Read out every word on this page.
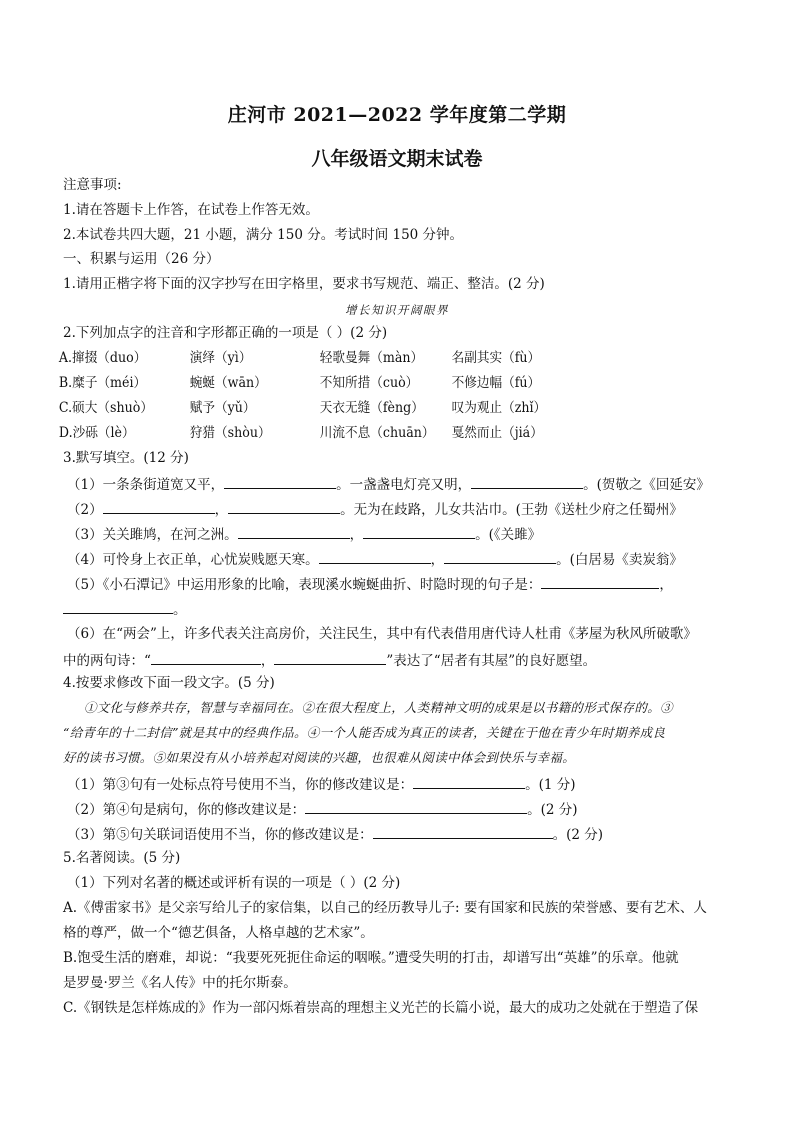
庄河市 2021—2022 学年度第二学期
八年级语文期末试卷
注意事项:
1.请在答题卡上作答，在试卷上作答无效。
2.本试卷共四大题，21 小题，满分 150 分。考试时间 150 分钟。
一、积累与运用（26 分）
1.请用正楷字将下面的汉字抄写在田字格里，要求书写规范、端正、整洁。(2 分)
增长知识开阔眼界
2.下列加点字的注音和字形都正确的一项是（ ）(2 分)
A.撺掇（duo）	演绎（yì）	轻歌曼舞（màn） 名副其实（fù）
B.糜子（méi）	蜿蜒（wān）	不知所措（cuò） 不修边幅（fú）
C.硕大（shuò）	赋予（yǔ）	天衣无缝（fèng） 叹为观止（zhǐ）
D.沙砾（lè）	狩猎（shòu）	川流不息（chuān） 戛然而止（jiá）
3.默写填空。(12 分)
（1）一条条街道宽又平，	。一盏盏电灯亮又明，	。(贺敬之《回延安》
（2）	，	。无为在歧路，儿女共沾巾。(王勃《送杜少府之任蜀州》
（3）关关雎鸠，在河之洲。	，	。(《关雎》
（4）可怜身上衣正单，心忧炭贱愿天寒。	，	。(白居易《卖炭翁》
（5）《小石潭记》中运用形象的比喻，表现溪水蜿蜒曲折、时隐时现的句子是：	，
。
（6）在“两会”上，许多代表关注高房价，关注民生，其中有代表借用唐代诗人杜甫《茅屋为秋风所破歌》
中的两句诗：“	，	”表达了“居者有其屋”的良好愿望。
4.按要求修改下面一段文字。(5 分)
①文化与修养共存，智慧与幸福同在。②在很大程度上，人类精神文明的成果是以书籍的形式保存的。③
“给青年的十二封信”就是其中的经典作品。④一个人能否成为真正的读者，关键在于他在青少年时期养成良
好的读书习惯。⑤如果没有从小培养起对阅读的兴趣，也很难从阅读中体会到快乐与幸福。
（1）第③句有一处标点符号使用不当，你的修改建议是：	。(1 分)
（2）第④句是病句，你的修改建议是：	。(2 分)
（3）第⑤句关联词语使用不当，你的修改建议是：	。(2 分)
5.名著阅读。(5 分)
（1）下列对名著的概述或评析有误的一项是（ ）(2 分)
A.《傅雷家书》是父亲写给儿子的家信集，以自己的经历教导儿子: 要有国家和民族的荣誉感、要有艺术、人
格的尊严，做一个“德艺俱备，人格卓越的艺术家”。
B.饱受生活的磨难，却说：“我要死死扼住命运的咽喉。”遭受失明的打击，却谱写出“英雄”的乐章。他就
是罗曼·罗兰《名人传》中的托尔斯泰。
C.《钢铁是怎样炼成的》作为一部闪烁着崇高的理想主义光芒的长篇小说，最大的成功之处就在于塑造了保
